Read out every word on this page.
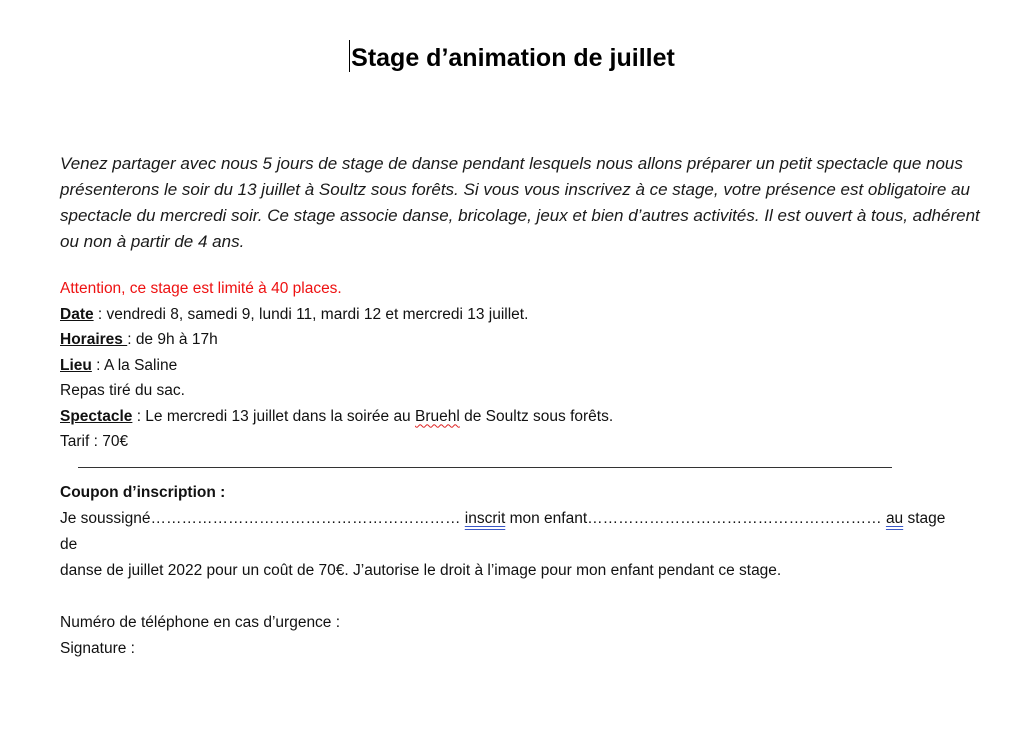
Stage d’animation de juillet
Venez partager avec nous 5 jours de stage de danse pendant lesquels nous allons préparer un petit spectacle que nous présenterons le soir du 13 juillet à Soultz sous forêts. Si vous vous inscrivez à ce stage, votre présence est obligatoire au spectacle du mercredi soir. Ce stage associe danse, bricolage, jeux et bien d’autres activités. Il est ouvert à tous, adhérent ou non à partir de 4 ans.
Attention, ce stage est limité à 40 places.
Date : vendredi 8, samedi 9, lundi 11, mardi 12 et mercredi 13 juillet.
Horaires : de 9h à 17h
Lieu : A la Saline
Repas tiré du sac.
Spectacle : Le mercredi 13 juillet dans la soirée au Bruehl de Soultz sous forêts.
Tarif : 70€
Coupon d’inscription :
Je soussigné…………………………………………………… inscrit mon enfant………………………………………………… au stage de
danse de juillet 2022 pour un coût de 70€. J’autorise le droit à l’image pour mon enfant pendant ce stage.
Numéro de téléphone en cas d’urgence :
Signature :
